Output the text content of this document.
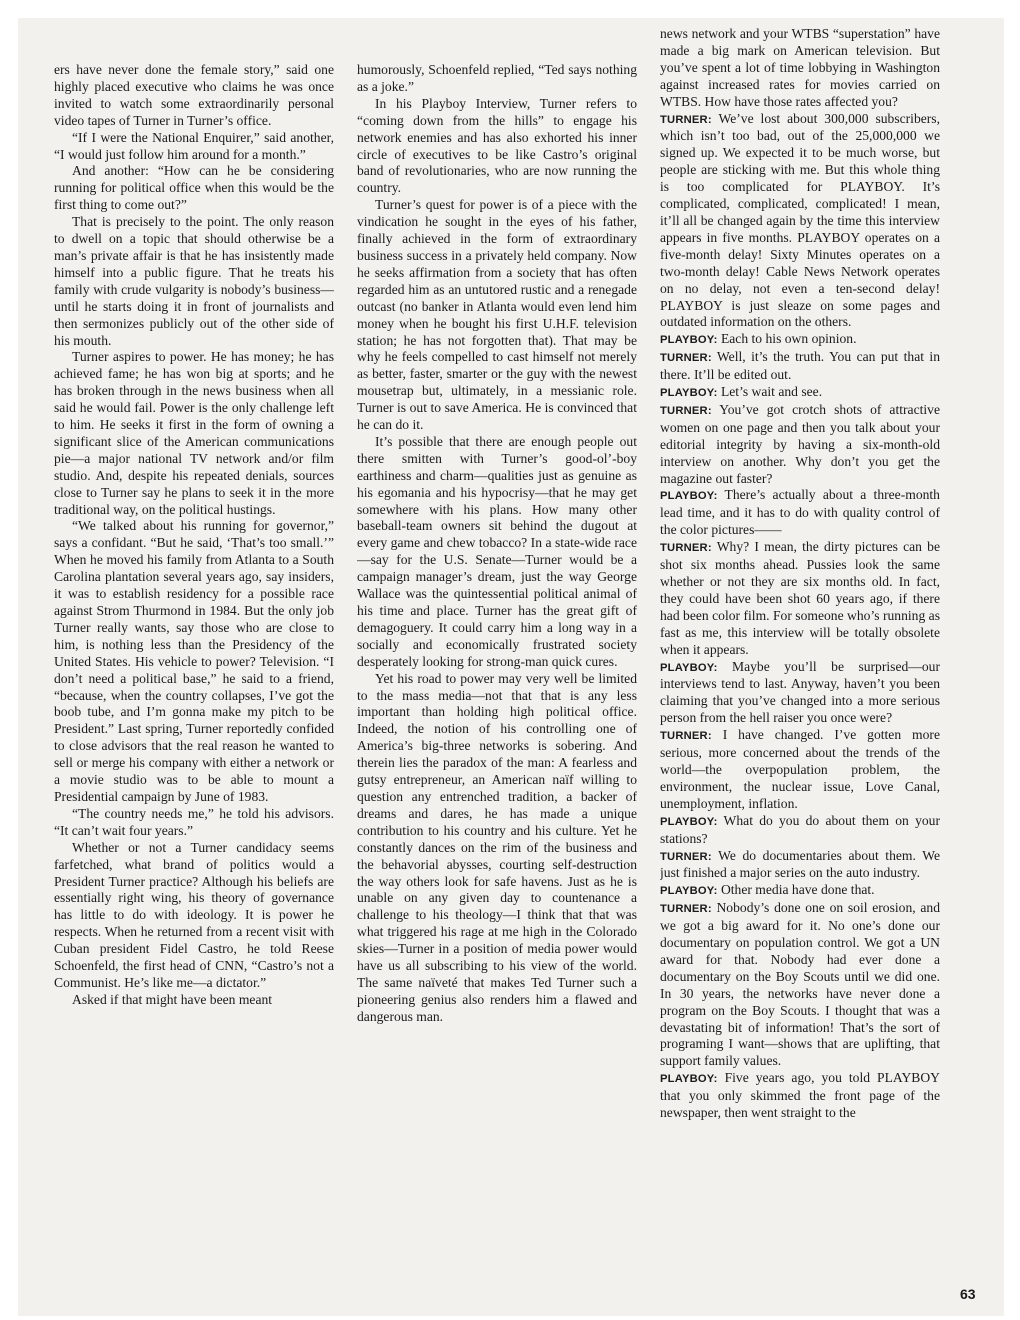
ers have never done the female story,” said one highly placed executive who claims he was once invited to watch some extraordinarily personal video tapes of Turner in Turner’s office.

“If I were the National Enquirer,” said another, “I would just follow him around for a month.”

And another: “How can he be considering running for political office when this would be the first thing to come out?”

That is precisely to the point. The only reason to dwell on a topic that should otherwise be a man’s private affair is that he has insistently made himself into a public figure. That he treats his family with crude vulgarity is nobody’s business—until he starts doing it in front of journalists and then sermonizes publicly out of the other side of his mouth.

Turner aspires to power. He has money; he has achieved fame; he has won big at sports; and he has broken through in the news business when all said he would fail. Power is the only challenge left to him. He seeks it first in the form of owning a significant slice of the American communications pie—a major national TV network and/or film studio. And, despite his repeated denials, sources close to Turner say he plans to seek it in the more traditional way, on the political hustings.

“We talked about his running for governor,” says a confidant. “But he said, ‘That’s too small.’” When he moved his family from Atlanta to a South Carolina plantation several years ago, say insiders, it was to establish residency for a possible race against Strom Thurmond in 1984. But the only job Turner really wants, say those who are close to him, is nothing less than the Presidency of the United States. His vehicle to power? Television. “I don’t need a political base,” he said to a friend, “because, when the country collapses, I’ve got the boob tube, and I’m gonna make my pitch to be President.” Last spring, Turner reportedly confided to close advisors that the real reason he wanted to sell or merge his company with either a network or a movie studio was to be able to mount a Presidential campaign by June of 1983.

“The country needs me,” he told his advisors. “It can’t wait four years.”

Whether or not a Turner candidacy seems farfetched, what brand of politics would a President Turner practice? Although his beliefs are essentially right wing, his theory of governance has little to do with ideology. It is power he respects. When he returned from a recent visit with Cuban president Fidel Castro, he told Reese Schoenfeld, the first head of CNN, “Castro’s not a Communist. He’s like me—a dictator.”

Asked if that might have been meant

humorously, Schoenfeld replied, “Ted says nothing as a joke.”

In his Playboy Interview, Turner refers to “coming down from the hills” to engage his network enemies and has also exhorted his inner circle of executives to be like Castro’s original band of revolutionaries, who are now running the country.

Turner’s quest for power is of a piece with the vindication he sought in the eyes of his father, finally achieved in the form of extraordinary business success in a privately held company. Now he seeks affirmation from a society that has often regarded him as an untutored rustic and a renegade outcast (no banker in Atlanta would even lend him money when he bought his first U.H.F. television station; he has not forgotten that). That may be why he feels compelled to cast himself not merely as better, faster, smarter or the guy with the newest mousetrap but, ultimately, in a messianic role. Turner is out to save America. He is convinced that he can do it.

It’s possible that there are enough people out there smitten with Turner’s good-ol’-boy earthiness and charm—qualities just as genuine as his egomania and his hypocrisy—that he may get somewhere with his plans. How many other baseball-team owners sit behind the dugout at every game and chew tobacco? In a state-wide race—say for the U.S. Senate—Turner would be a campaign manager’s dream, just the way George Wallace was the quintessential political animal of his time and place. Turner has the great gift of demagoguery. It could carry him a long way in a socially and economically frustrated society desperately looking for strong-man quick cures.

Yet his road to power may very well be limited to the mass media—not that that is any less important than holding high political office. Indeed, the notion of his controlling one of America’s big-three networks is sobering. And therein lies the paradox of the man: A fearless and gutsy entrepreneur, an American naïf willing to question any entrenched tradition, a backer of dreams and dares, he has made a unique contribution to his country and his culture. Yet he constantly dances on the rim of the business and the behavorial abysses, courting self-destruction the way others look for safe havens. Just as he is unable on any given day to countenance a challenge to his theology—I think that that was what triggered his rage at me high in the Colorado skies—Turner in a position of media power would have us all subscribing to his view of the world. The same naïveté that makes Ted Turner such a pioneering genius also renders him a flawed and dangerous man.

news network and your WTBS “superstation” have made a big mark on American television. But you’ve spent a lot of time lobbying in Washington against increased rates for movies carried on WTBS. How have those rates affected you?

TURNER: We’ve lost about 300,000 subscribers, which isn’t too bad, out of the 25,000,000 we signed up. We expected it to be much worse, but people are sticking with me. But this whole thing is too complicated for PLAYBOY. It’s complicated, complicated, complicated! I mean, it’ll all be changed again by the time this interview appears in five months. PLAYBOY operates on a five-month delay! Sixty Minutes operates on a two-month delay! Cable News Network operates on no delay, not even a ten-second delay! PLAYBOY is just sleaze on some pages and outdated information on the others.

PLAYBOY: Each to his own opinion.

TURNER: Well, it’s the truth. You can put that in there. It’ll be edited out.

PLAYBOY: Let’s wait and see.

TURNER: You’ve got crotch shots of attractive women on one page and then you talk about your editorial integrity by having a six-month-old interview on another. Why don’t you get the magazine out faster?

PLAYBOY: There’s actually about a three-month lead time, and it has to do with quality control of the color pictures——

TURNER: Why? I mean, the dirty pictures can be shot six months ahead. Pussies look the same whether or not they are six months old. In fact, they could have been shot 60 years ago, if there had been color film. For someone who’s running as fast as me, this interview will be totally obsolete when it appears.

PLAYBOY: Maybe you’ll be surprised—our interviews tend to last. Anyway, haven’t you been claiming that you’ve changed into a more serious person from the hell raiser you once were?

TURNER: I have changed. I’ve gotten more serious, more concerned about the trends of the world—the overpopulation problem, the environment, the nuclear issue, Love Canal, unemployment, inflation.

PLAYBOY: What do you do about them on your stations?

TURNER: We do documentaries about them. We just finished a major series on the auto industry.

PLAYBOY: Other media have done that.

TURNER: Nobody’s done one on soil erosion, and we got a big award for it. No one’s done our documentary on population control. We got a UN award for that. Nobody had ever done a documentary on the Boy Scouts until we did one. In 30 years, the networks have never done a program on the Boy Scouts. I thought that was a devastating bit of information! That’s the sort of programing I want—shows that are uplifting, that support family values.

PLAYBOY: Five years ago, you told PLAYBOY that you only skimmed the front page of the newspaper, then went straight to the

63
